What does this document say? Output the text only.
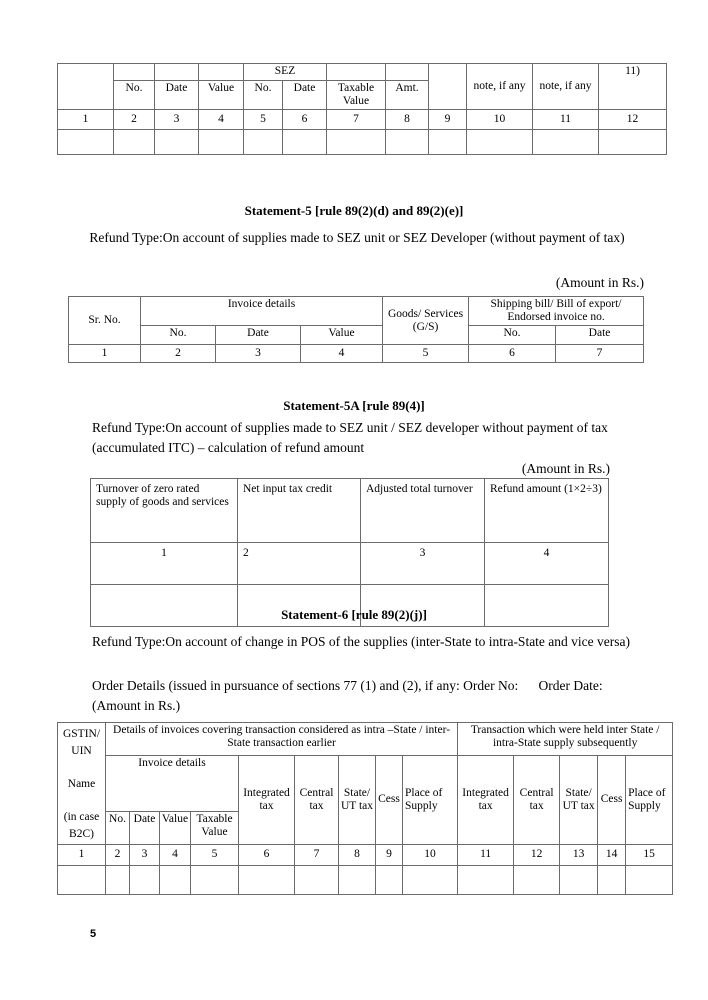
				SEZ					note, if any	note, if any	11)
	No.	Date	Value	No.	Date	Taxable Value	Amt.				
1	2	3	4	5	6	7	8	9	10	11	12

Statement-5 [rule 89(2)(d) and 89(2)(e)]
Refund Type:On account of supplies made to SEZ unit or SEZ Developer (without payment of tax)
(Amount in Rs.)
Sr. No.	Invoice details			Goods/ Services (G/S)	Shipping bill/ Bill of export/ Endorsed invoice no.	
	No.	Date	Value		No.	Date
1	2	3	4	5	6	7
Statement-5A [rule 89(4)]
Refund Type:On account of supplies made to SEZ unit / SEZ developer without payment of tax (accumulated ITC) – calculation of refund amount
(Amount in Rs.)
Turnover of zero rated supply of goods and services	Net input tax credit	Adjusted total turnover	Refund amount (1×2÷3)
1	2	3	4

Statement-6 [rule 89(2)(j)]
Refund Type:On account of change in POS of the supplies (inter-State to intra-State and vice versa)
Order Details (issued in pursuance of sections 77 (1) and (2), if any: Order No:      Order Date:(Amount in Rs.)
GSTIN/
UIN

Name

(in case
B2C)	Details of invoices covering transaction considered as intra –State / inter-State transaction earlier									Transaction which were held inter State / intra-State supply subsequently				
	Invoice details				Integrated tax	Central tax	State/ UT tax	Cess	Place of Supply	Integrated tax	Central tax	State/ UT tax	Cess	Place of Supply
	No.	Date	Value	Taxable Value										
1	2	3	4	5	6	7	8	9	10	11	12	13	14	15

5
